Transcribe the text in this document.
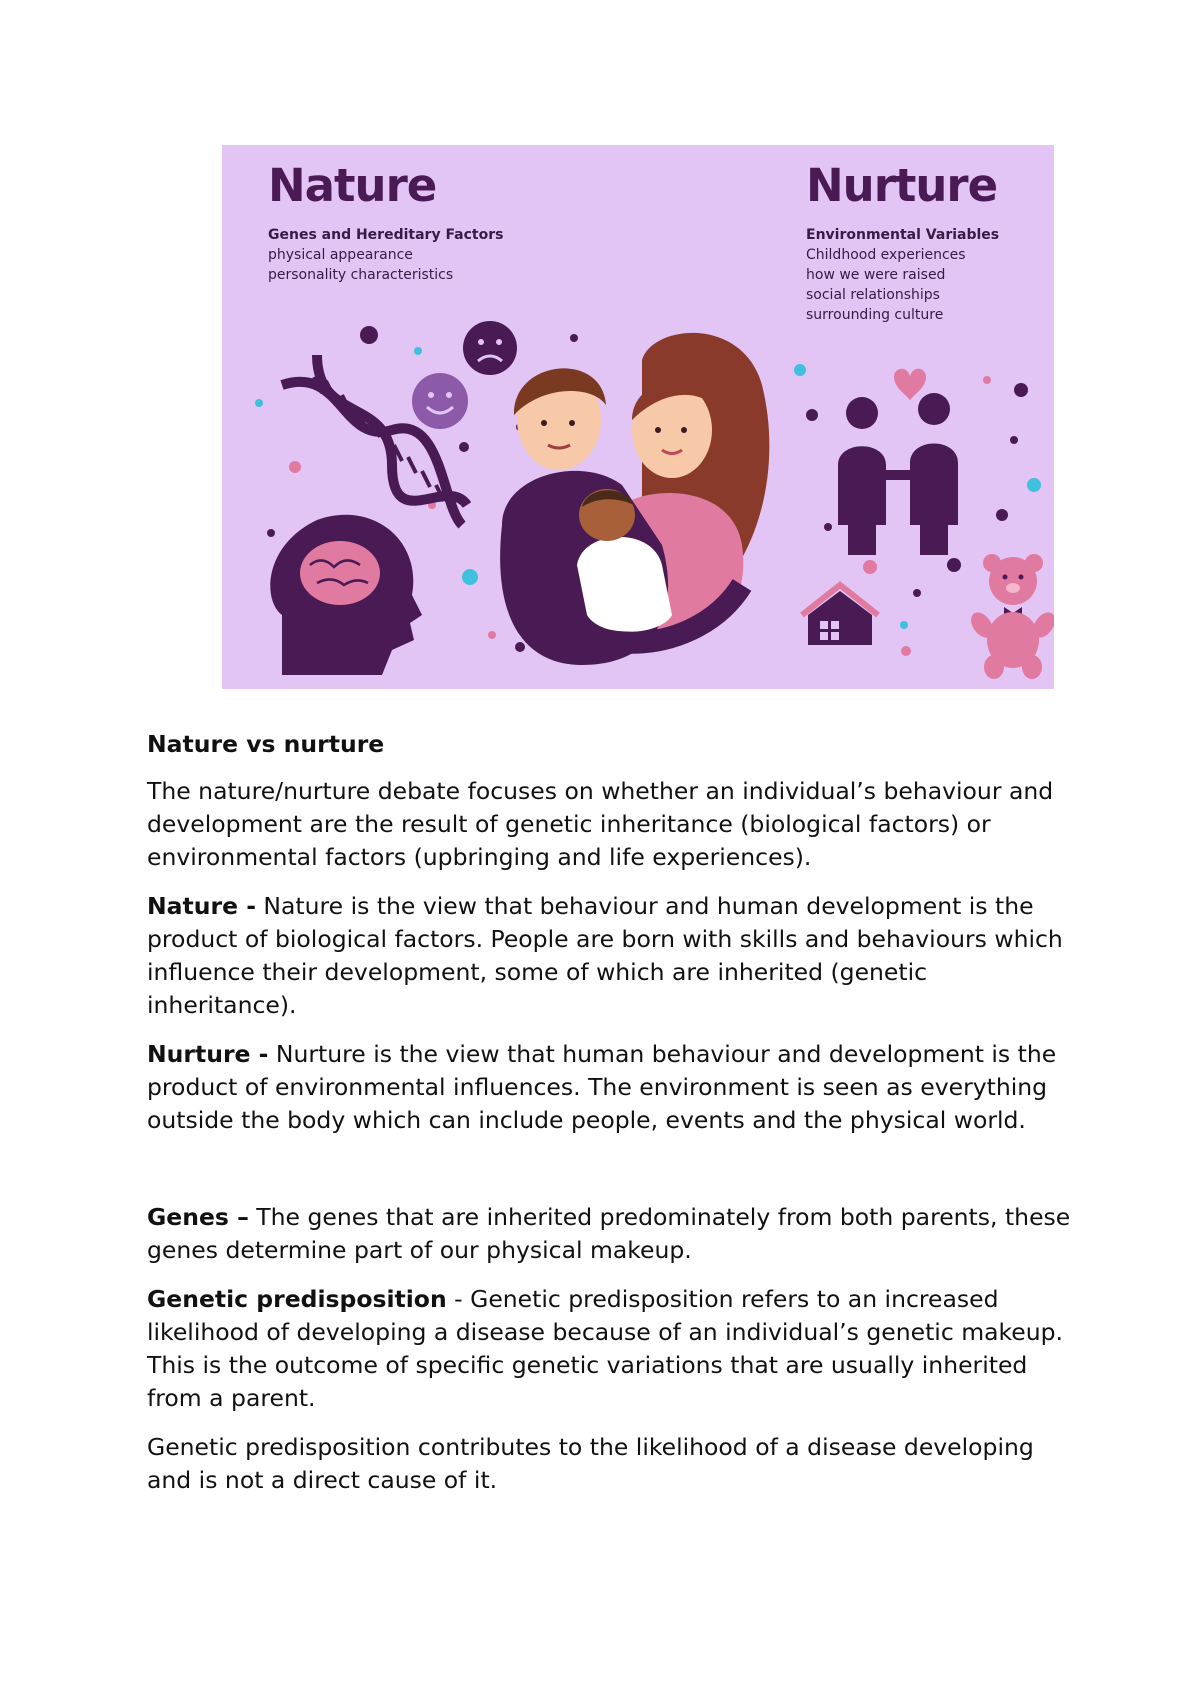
Nature
Genes and Hereditary Factors
physical appearance
personality characteristics
Nurture
Environmental Variables
Childhood experiences
how we were raised
social relationships
surrounding culture

Nature vs nurture

The nature/nurture debate focuses on whether an individual’s behaviour and development are the result of genetic inheritance (biological factors) or environmental factors (upbringing and life experiences).

Nature - Nature is the view that behaviour and human development is the product of biological factors. People are born with skills and behaviours which influence their development, some of which are inherited (genetic inheritance).

Nurture - Nurture is the view that human behaviour and development is the product of environmental influences. The environment is seen as everything outside the body which can include people, events and the physical world.

Genes – The genes that are inherited predominately from both parents, these genes determine part of our physical makeup.

Genetic predisposition - Genetic predisposition refers to an increased likelihood of developing a disease because of an individual’s genetic makeup. This is the outcome of specific genetic variations that are usually inherited from a parent.

Genetic predisposition contributes to the likelihood of a disease developing and is not a direct cause of it.
